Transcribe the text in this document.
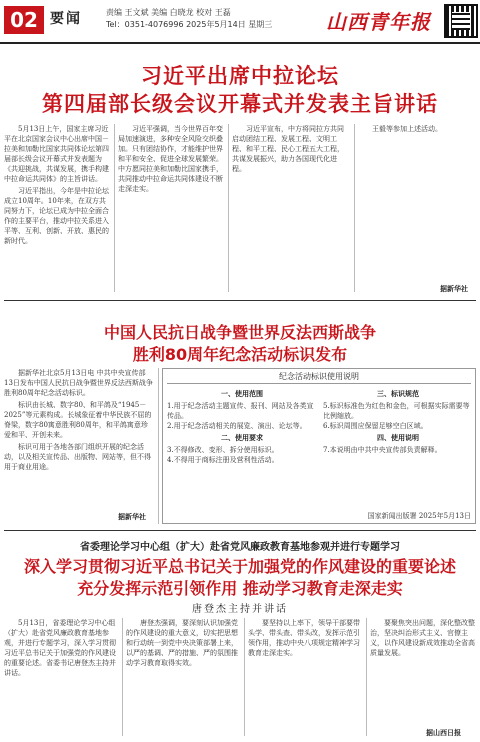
02 要闻	责编 王文斌 美编 白晓龙 校对 王磊
Tel：0351-4076996 2025年5月14日 星期三	山西青年报
习近平出席中拉论坛
第四届部长级会议开幕式并发表主旨讲话

5月13日上午，国家主席习近平在北京国家会议中心出席中国－拉美和加勒比国家共同体论坛第四届部长级会议开幕式并发表题为《共迎挑战，共谋发展，携手构建中拉命运共同体》的主旨讲话。

习近平指出，今年是中拉论坛成立10周年。10年来，在双方共同努力下，论坛已成为中拉全面合作的主要平台，推动中拉关系进入平等、互利、创新、开放、惠民的新时代。

习近平强调，当今世界百年变局加速演进，多种安全风险交织叠加。只有团结协作，才能维护世界和平和安全、促进全球发展繁荣。中方愿同拉美和加勒比国家携手，共同推动中拉命运共同体建设不断走深走实。

习近平宣布，中方将同拉方共同启动团结工程、发展工程、文明工程、和平工程、民心工程五大工程，共谋发展振兴，助力各国现代化进程。

王毅等参加上述活动。

据新华社
中国人民抗日战争暨世界反法西斯战争
胜利80周年纪念活动标识发布

据新华社北京5月13日电 中共中央宣传部13日发布中国人民抗日战争暨世界反法西斯战争胜利80周年纪念活动标识。

标识由长城、数字80、和平鸽及“1945－2025”等元素构成。长城象征着中华民族不屈的脊梁，数字80寓意胜利80周年，和平鸽寓意珍爱和平、开创未来。

标识可用于各地各部门组织开展的纪念活动，以及相关宣传品、出版物、网站等，但不得用于商业用途。

据新华社
纪念活动标识使用说明
一、使用范围
1.用于纪念活动主题宣传、报刊、网站及各类宣传品。
2.用于纪念活动相关的展览、演出、论坛等。
二、使用要求
3.不得修改、变形、拆分使用标识。
4.不得用于商标注册及营利性活动。
三、标识规范
5.标识标准色为红色和金色，可根据实际需要等比例缩放。
6.标识周围应保留足够空白区域。
四、使用说明
7.本说明由中共中央宣传部负责解释。
国家新闻出版署 2025年5月13日
省委理论学习中心组（扩大）赴省党风廉政教育基地参观并进行专题学习
深入学习贯彻习近平总书记关于加强党的作风建设的重要论述
充分发挥示范引领作用 推动学习教育走深走实
唐登杰主持并讲话

5月13日，省委理论学习中心组（扩大）赴省党风廉政教育基地参观，并进行专题学习，深入学习贯彻习近平总书记关于加强党的作风建设的重要论述。省委书记唐登杰主持并讲话。

唐登杰强调，要深刻认识加强党的作风建设的重大意义，切实把思想和行动统一到党中央决策部署上来，以严的基调、严的措施、严的氛围推动学习教育取得实效。

要坚持以上率下，领导干部要带头学、带头查、带头改，发挥示范引领作用，推动中央八项规定精神学习教育走深走实。

要聚焦突出问题，深化整改整治，坚决纠治形式主义、官僚主义，以作风建设新成效推动全省高质量发展。

据山西日报
